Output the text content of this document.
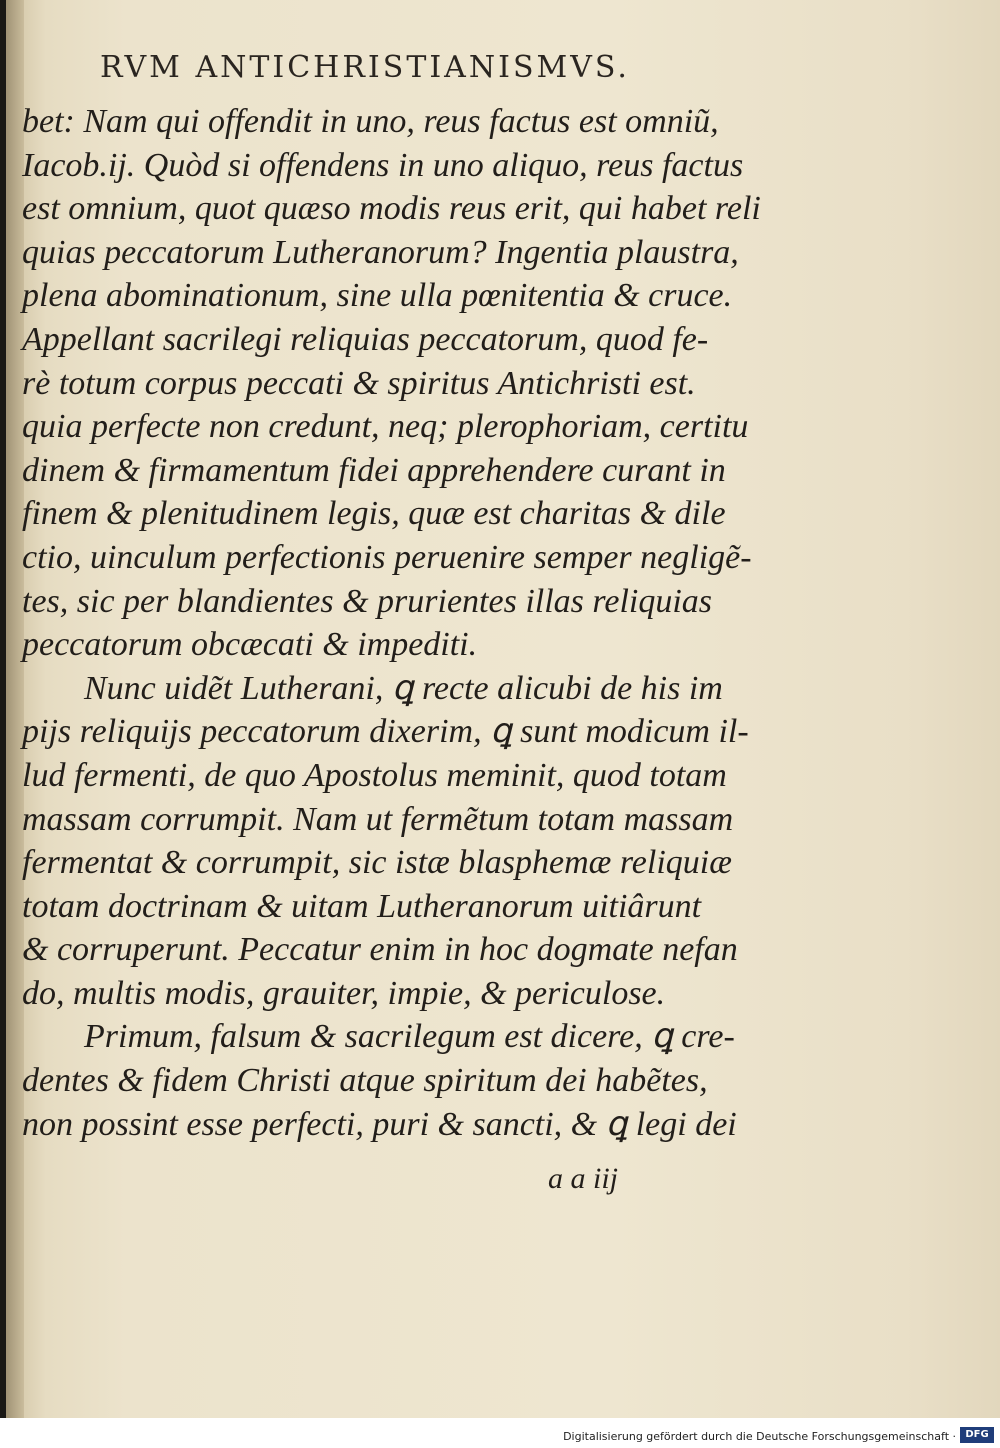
RVM ANTICHRISTIANISMVS.
bet: Nam qui offendit in uno, reus factus est omniũ,
Iacob.ij. Quòd si offendens in uno aliquo, reus factus
est omnium, quot quæso modis reus erit, qui habet reli
quias peccatorum Lutheranorum? Ingentia plaustra,
plena abominationum, sine ulla pœnitentia & cruce.
Appellant sacrilegi reliquias peccatorum, quod fe-
rè totum corpus peccati & spiritus Antichristi est.
quia perfecte non credunt, neq; plerophoriam, certitu
dinem & firmamentum fidei apprehendere curant in
finem & plenitudinem legis, quæ est charitas & dile
ctio, uinculum perfectionis peruenire semper negligẽ-
tes, sic per blandientes & prurientes illas reliquias
peccatorum obcæcati & impediti.
Nunc uidẽt Lutherani, ꝗ recte alicubi de his im
pijs reliquijs peccatorum dixerim, ꝗ sunt modicum il-
lud fermenti, de quo Apostolus meminit, quod totam
massam corrumpit. Nam ut fermẽtum totam massam
fermentat & corrumpit, sic istæ blasphemæ reliquiæ
totam doctrinam & uitam Lutheranorum uitiârunt
& corruperunt. Peccatur enim in hoc dogmate nefan
do, multis modis, grauiter, impie, & periculose.
Primum, falsum & sacrilegum est dicere, ꝗ cre-
dentes & fidem Christi atque spiritum dei habẽtes,
non possint esse perfecti, puri & sancti, & ꝗ legi dei
a a iij
Digitalisierung gefördert durch die Deutsche Forschungsgemeinschaft · DFG
